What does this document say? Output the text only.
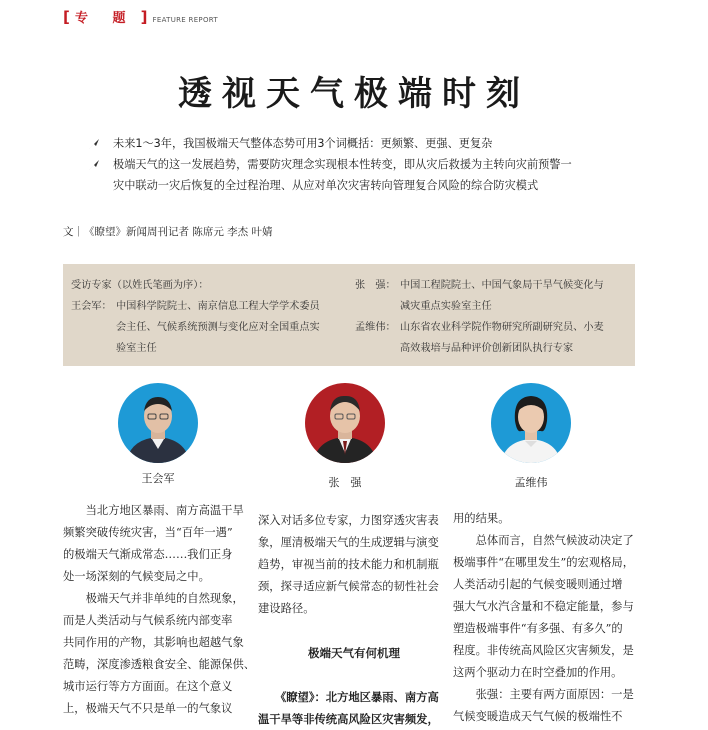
[ 专 题 ] FEATURE REPORT
透视天气极端时刻
未来1～3年，我国极端天气整体态势可用3个词概括：更频繁、更强、更复杂
极端天气的这一发展趋势，需要防灾理念实现根本性转变，即从灾后救援为主转向灾前预警一
灾中联动一灾后恢复的全过程治理、从应对单次灾害转向管理复合风险的综合防灾模式
文｜《瞭望》新闻周刊记者 陈席元 李杰 叶婧
受访专家（以姓氏笔画为序）：
王会军： 中国科学院院士、南京信息工程大学学术委员
会主任、气候系统预测与变化应对全国重点实
验室主任
张　强： 中国工程院院士、中国气象局干旱气候变化与
减灾重点实验室主任
孟维伟： 山东省农业科学院作物研究所副研究员、小麦
高效栽培与品种评价创新团队执行专家
王会军	张　强	孟维伟
　　当北方地区暴雨、南方高温干旱
频繁突破传统灾害，当“百年一遇”
的极端天气渐成常态……我们正身
处一场深刻的气候变局之中。
　　极端天气并非单纯的自然现象，
而是人类活动与气候系统内部变率
共同作用的产物，其影响也超越气象
范畴，深度渗透粮食安全、能源保供、
城市运行等方方面面。在这个意义
上，极端天气不只是单一的气象议
深入对话多位专家，力图穿透灾害表
象，厘清极端天气的生成逻辑与演变
趋势，审视当前的技术能力和机制瓶
颈，探寻适应新气候常态的韧性社会
建设路径。
极端天气有何机理
　　《瞭望》：北方地区暴雨、南方高
温干旱等非传统高风险区灾害频发，
用的结果。
　　总体而言，自然气候波动决定了
极端事件“在哪里发生”的宏观格局，
人类活动引起的气候变暖则通过增
强大气水汽含量和不稳定能量，参与
塑造极端事件“有多强、有多久”的
程度。非传统高风险区灾害频发，是
这两个驱动力在时空叠加的作用。
　　张强：主要有两方面原因：一是
气候变暖造成天气气候的极端性不
